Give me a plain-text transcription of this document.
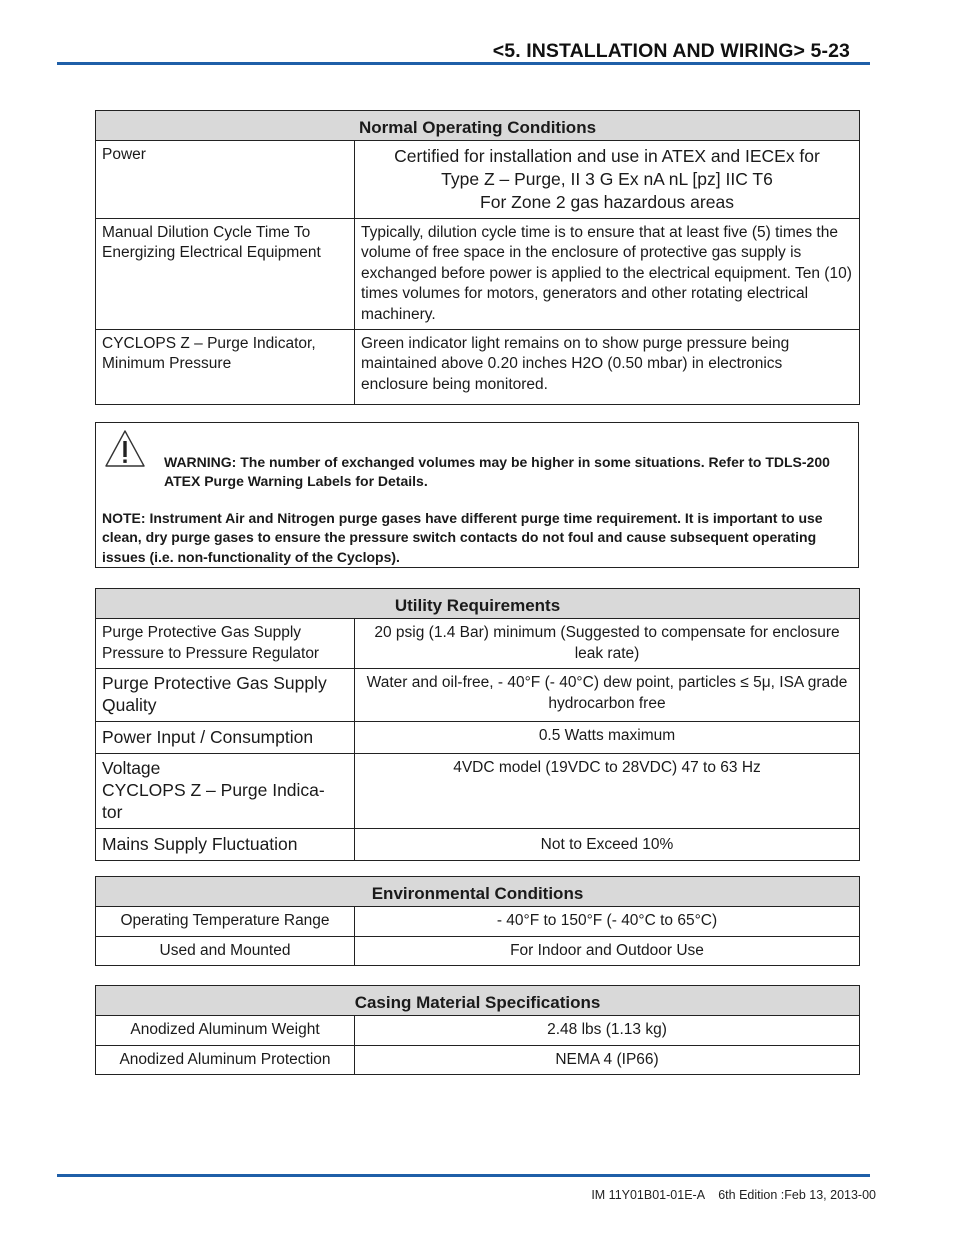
<5. INSTALLATION AND WIRING> 5-23
Normal Operating Conditions	
Power	Certified for installation and use in ATEX and IECEx for
Type Z – Purge, II 3 G Ex nA nL [pz] IIC T6
For Zone 2 gas hazardous areas

Manual Dilution Cycle Time To Energizing Electrical Equipment	Typically, dilution cycle time is to ensure that at least five (5) times the volume of free space in the enclosure of protective gas supply is exchanged before power is applied to the electrical equipment. Ten (10) times volumes for motors, generators and other rotating electrical machinery.
CYCLOPS Z – Purge Indicator, Minimum Pressure	Green indicator light remains on to show purge pressure being maintained above 0.20 inches H2O (0.50 mbar) in electronics enclosure being monitored.
WARNING: The number of exchanged volumes may be higher in some situations. Refer to TDLS-200 ATEX Purge Warning Labels for Details.
NOTE: Instrument Air and Nitrogen purge gases have different purge time requirement. It is important to use clean, dry purge gases to ensure the pressure switch contacts do not foul and cause subsequent operating issues (i.e. non-functionality of the Cyclops).
Utility Requirements	
Purge Protective Gas Supply Pressure to Pressure Regulator	20 psig (1.4 Bar) minimum (Suggested to compensate for enclosure leak rate)
Purge Protective Gas Supply Quality	Water and oil-free, - 40°F (- 40°C) dew point, particles ≤ 5μ, ISA grade hydrocarbon free
Power Input / Consumption	0.5 Watts maximum

Voltage
CYCLOPS Z – Purge Indica-tor	4VDC model (19VDC to 28VDC) 47 to 63 Hz
Mains Supply Fluctuation	Not to Exceed 10%
Environmental Conditions	
Operating Temperature Range	- 40°F to 150°F (- 40°C to 65°C)
Used and Mounted	For Indoor and Outdoor Use
Casing Material Specifications	
Anodized Aluminum Weight	2.48 lbs (1.13 kg)
Anodized Aluminum Protection	NEMA 4 (IP66)
IM 11Y01B01-01E-A    6th Edition :Feb 13, 2013-00
